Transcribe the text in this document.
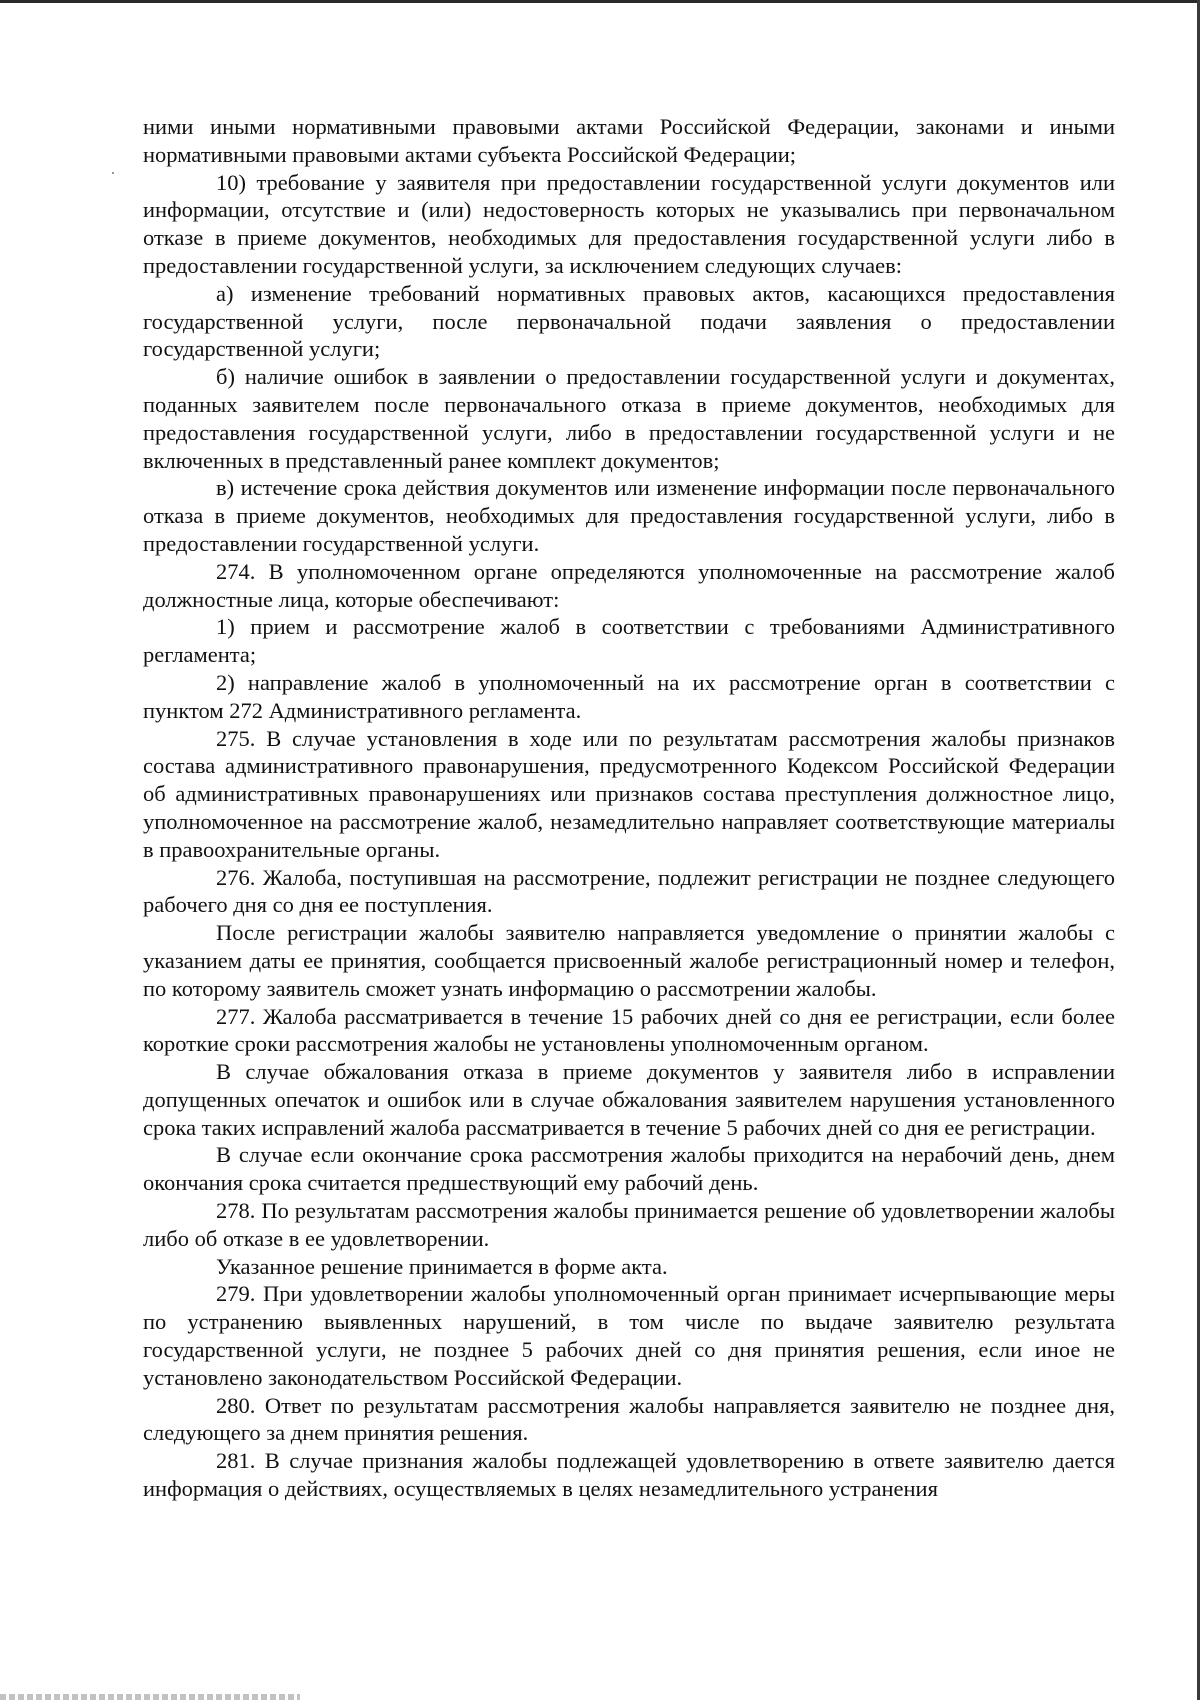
ними иными нормативными правовыми актами Российской Федерации, законами и иными нормативными правовыми актами субъекта Российской Федерации;

10) требование у заявителя при предоставлении государственной услуги документов или информации, отсутствие и (или) недостоверность которых не указывались при первоначальном отказе в приеме документов, необходимых для предоставления государственной услуги либо в предоставлении государственной услуги, за исключением следующих случаев:

а) изменение требований нормативных правовых актов, касающихся предоставления государственной услуги, после первоначальной подачи заявления о предоставлении государственной услуги;

б) наличие ошибок в заявлении о предоставлении государственной услуги и документах, поданных заявителем после первоначального отказа в приеме документов, необходимых для предоставления государственной услуги, либо в предоставлении государственной услуги и не включенных в представленный ранее комплект документов;

в) истечение срока действия документов или изменение информации после первоначального отказа в приеме документов, необходимых для предоставления государственной услуги, либо в предоставлении государственной услуги.

274. В уполномоченном органе определяются уполномоченные на рассмотрение жалоб должностные лица, которые обеспечивают:

1) прием и рассмотрение жалоб в соответствии с требованиями Административного регламента;

2) направление жалоб в уполномоченный на их рассмотрение орган в соответствии с пунктом 272 Административного регламента.

275. В случае установления в ходе или по результатам рассмотрения жалобы признаков состава административного правонарушения, предусмотренного Кодексом Российской Федерации об административных правонарушениях или признаков состава преступления должностное лицо, уполномоченное на рассмотрение жалоб, незамедлительно направляет соответствующие материалы в правоохранительные органы.

276. Жалоба, поступившая на рассмотрение, подлежит регистрации не позднее следующего рабочего дня со дня ее поступления.

После регистрации жалобы заявителю направляется уведомление о принятии жалобы с указанием даты ее принятия, сообщается присвоенный жалобе регистрационный номер и телефон, по которому заявитель сможет узнать информацию о рассмотрении жалобы.

277. Жалоба рассматривается в течение 15 рабочих дней со дня ее регистрации, если более короткие сроки рассмотрения жалобы не установлены уполномоченным органом.

В случае обжалования отказа в приеме документов у заявителя либо в исправлении допущенных опечаток и ошибок или в случае обжалования заявителем нарушения установленного срока таких исправлений жалоба рассматривается в течение 5 рабочих дней со дня ее регистрации.

В случае если окончание срока рассмотрения жалобы приходится на нерабочий день, днем окончания срока считается предшествующий ему рабочий день.

278. По результатам рассмотрения жалобы принимается решение об удовлетворении жалобы либо об отказе в ее удовлетворении.

Указанное решение принимается в форме акта.

279. При удовлетворении жалобы уполномоченный орган принимает исчерпывающие меры по устранению выявленных нарушений, в том числе по выдаче заявителю результата государственной услуги, не позднее 5 рабочих дней со дня принятия решения, если иное не установлено законодательством Российской Федерации.

280. Ответ по результатам рассмотрения жалобы направляется заявителю не позднее дня, следующего за днем принятия решения.

281. В случае признания жалобы подлежащей удовлетворению в ответе заявителю дается информация о действиях, осуществляемых в целях незамедлительного устранения
